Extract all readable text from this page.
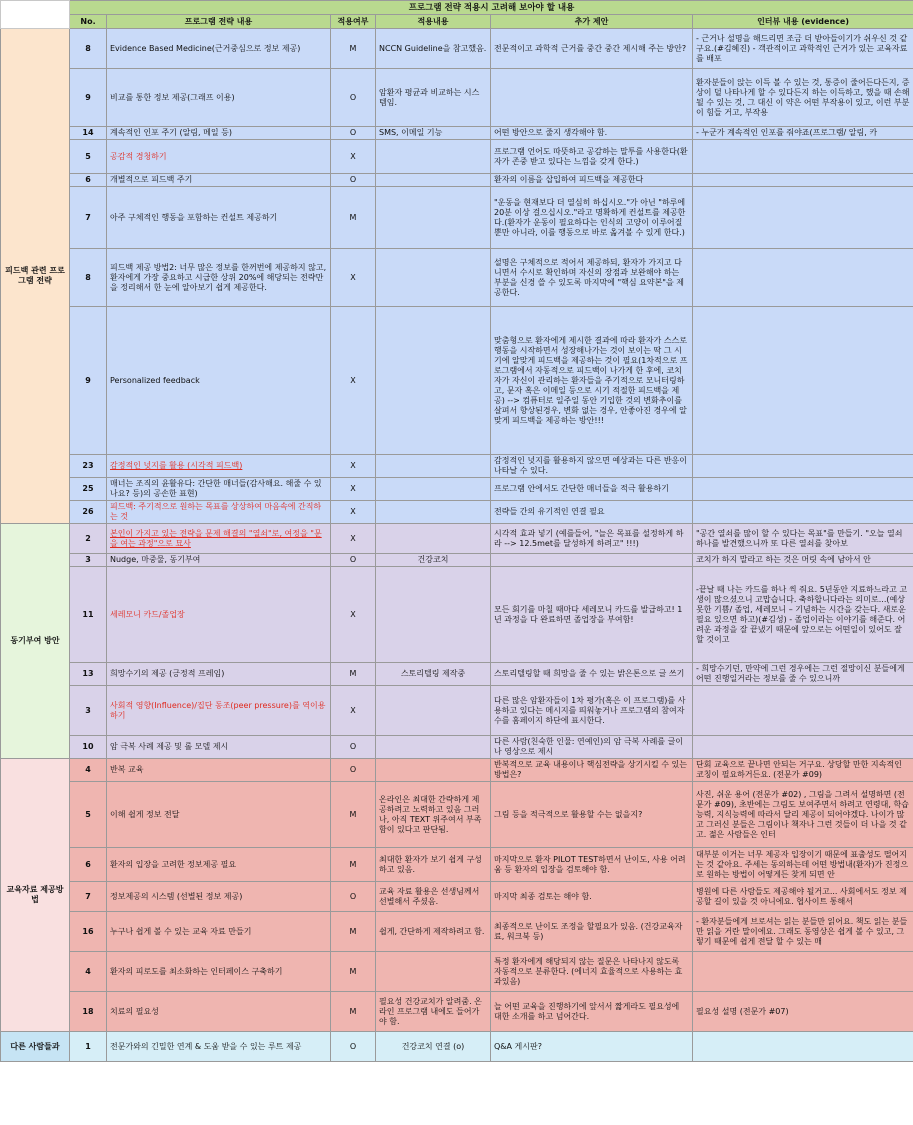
	프로그램 전략 적용시 고려해 보아야 할 내용					
	No.	프로그램 전략 내용	적용여부	적용내용	추가 제안	인터뷰 내용 (evidence)
피드백 관련 프로그램 전략	8	Evidence Based Medicine(근거중심으로 정보 제공)	M	NCCN Guideline을 참고했음.	전문적이고 과학적 근거를 중간 중간 제시해 주는 방안?	- 근거나 설명을 해드리면 조금 더 받아들이기가 쉬우신 것 같구요.(#김혜진) - 객관적이고 과학적인 근거가 있는 교육자료를 배포
	9	비교를 통한 정보 제공(그래프 이용)	O	암환자 평균과 비교하는 시스템임.		환자분들이 앉는 이득 볼 수 있는 것, 통증이 줄어든다든지, 증상이 덜 나타나게 할 수 있다든지 하는 이득하고, 했을 때 손해될 수 있는 것, 그 대신 이 약은 어떤 부작용이 있고, 이런 부분이 힘들 거고, 부작용
	14	계속적인 인포 주기 (알림, 메일 등)	O	SMS, 이메일 기능	어떤 방안으로 줄지 생각해야 함.	- 누군가 계속적인 인포를 줘야죠(프로그램/ 알림, 카
	5	공감적 경청하기	X		프로그램 언어도 따뜻하고 공감하는 말투를 사용한다(환자가 존중 받고 있다는 느낌을 갖게 한다.)	
	6	개별적으로 피드백 주기	O		환자의 이름을 삽입하여 피드백을 제공한다	
	7	아주 구체적인 행동을 포함하는 컨설트 제공하기	M		"운동을 현재보다 더 열심히 하십시오."가 아닌 "하루에 20분 이상 걸으십시오."라고 명확하게 컨설트를 제공한다.(환자가 운동이 필요하다는 인식의 고양이 이루어질 뿐만 아니라, 이를 행동으로 바로 옮겨볼 수 있게 한다.)	
	8	피드백 제공 방법2: 너무 많은 정보를 한꺼번에 제공하지 않고, 환자에게 가장 중요하고 시급한 상위 20%에 해당되는 전략만을 정리해서 한 눈에 알아보기 쉽게 제공한다.	X		설명은 구체적으로 적어서 제공하되, 환자가 가지고 다니면서 수시로 확인하며 자신의 장점과 보완해야 하는 부분을 신경 쓸 수 있도록 마지막에 "핵심 요약본"을 제공한다.	
	9	Personalized feedback	X		맞춤형으로 환자에게 제시한 결과에 따라 환자가 스스로 행동을 시작하면서 성장해나가는 것이 보이는 딱 그 시기에 알맞게 피드백을 제공하는 것이 필요(1차적으로 프로그램에서 자동적으로 피드백이 나가게 한 후에, 코치자가 자신이 관리하는 환자들을 주기적으로 모니터링하고, 문자 혹은 이메일 등으로 시기 적절한 피드백을 제공) --> 컴퓨터로 일주일 동안 기입한 것의 변화추이를 살펴서 향상된경우, 변화 없는 경우, 안좋아진 경우에 알맞게 피드백을 제공하는 방안!!!	
	23	감정적인 넛지를 활용 (시각적 피드백)	X		감정적인 넛지를 활용하지 않으면 예상과는 다른 반응이 나타날 수 있다.	
	25	매너는 조직의 윤활유다: 간단한 매너들(감사해요. 해줄 수 있나요? 등)의 공손한 표현)	X		프로그램 안에서도 간단한 매너들을 적극 활용하기	
	26	피드백: 주기적으로 원하는 목표를 상상하여 마음속에 간직하는 것	X		전략들 간의 유기적인 연결 필요	
동기부여 방안	2	본인이 가지고 있는 전략을 문제 해결의 "열쇠"로, 여정을 "문을 여는 과정"으로 묘사	X		시각적 효과 넣기 (예를들어, "늘은 목표를 설정하게 하라 --> 12.5met를 달성하게 하려고" !!!)	"공간 열쇠를 많이 할 수 있다는 목표"를 만들기. "오늘 열쇠 하나를 발견했으니까 또 다른 열쇠를 찾아보
	3	Nudge, 마중물, 동기부여	O	건강코치		코치가 하지 말라고 하는 것은 머릿 속에 남아서 안
	11	세레모니 카드/졸업장	X		모든 회기를 마칠 때마다 세레모니 카드를 발급하고! 1년 과정을 다 완료하면 졸업장을 부여함!	-끝날 때 나는 카드를 하나 씩 줘요. 5년동안 지료하느라고 고생이 많으셨으니 고맙습니다. 축하합니다라는 의미로...(예상못한 기쁨/ 졸업, 세레모니 – 기념하는 시간을 갖는다. 새로운 필요 있으면 하고)(#김성) - 졸업이라는 이야기를 해준다. 어려운 과정을 잘 끝냈기 때문에 앞으로는 어떤일이 있어도 잘 할 것이고
	13	희망수기의 제공 (긍정적 프레임)	M	스토리텔링 제작중	스토리텔링할 때 희망을 줄 수 있는 밝은톤으로 글 쓰기	- 희망수기던, 만약에 그런 경우에는 그런 절망이신 분들에게 어떤 진행일거라는 정보를 줄 수 있으니까
	3	사회적 영향(Influence)/집단 동조(peer pressure)를 역이용하기	X		다른 많은 암환자들이 1차 평가(혹은 이 프로그램)를 사용하고 있다는 메시지를 띄워놓거나 프로그램의 참여자 수를 홈페이지 하단에 표시한다.	
	10	암 극복 사례 제공 및 롤 모델 제시	O		다른 사람(친숙한 인물: 연예인)의 암 극복 사례를 글이나 영상으로 제시	
교육자료 제공방법	4	반복 교육	O		반복적으로 교육 내용이나 핵심전략을 상기시킬 수 있는 방법은?	단회 교육으로 끝나면 안되는 거구요. 상당할 만한 지속적인 코칭이 필요하거든요. (전문가 #09)
	5	이해 쉽게 정보 전달	M	온라인은 최대한 간략하게 제공하려고 노력하고 있음 그러나, 아직 TEXT 위주여서 부족함이 있다고 판단됨.	그림 등을 적극적으로 활용할 수는 없을지?	사진, 쉬운 용어 (전문가 #02) , 그림을 그려서 설명하면 (전문가 #09), 초반에는 그림도 보여주면서 하려고 연령대, 학습능력, 지식능력에 따라서 달리 제공이 되어야겠다. 나이가 많고 그러신 분들은 그림이나 책자나 그런 것들이 더 나을 것 같고. 젊은 사람들은 인터
	6	환자의 입장을 고려한 정보제공 필요	M	최대한 환자가 보기 쉽게 구성하고 있음.	마지막으로 환자 PILOT TEST하면서 난이도, 사용 어려움 등 환자의 입장을 검토해야 함.	대부분 이거는 너무 제공자 입장이기 때문에 표출성도 떨어지는 것 같아요. 주세는 동의하는데 어떤 방법내(환자)가 진정으로 원하는 방법이 어떻게든 찾게 되면 안
	7	정보제공의 시스템 (선별된 정보 제공)	O	교육 자료 활용은 선생님께서 선별해서 주셨음.	마지막 최종 검토는 해야 함.	병원에 다른 사람들도 제공해야 될거고... 사회에서도 정보 제공할 길이 있을 것 아니에요. 협사이트 통해서
	16	누구나 쉽게 볼 수 있는 교육 자료 만들기	M	쉽게, 간단하게 제작하려고 함.	최종적으로 난이도 조정을 할필요가 있음. (건강교육자료, 워크북 등)	- 환자분들에게 브로셔는 읽는 분들만 읽어요. 책도 읽는 분들만 읽을 거란 말이에요. 그래도 동영상은 쉽게 볼 수 있고, 그렇기 때문에 쉽게 전달 할 수 있는 매
	4	환자의 피로도를 최소화하는 인터페이스 구축하기	M		특정 환자에게 해당되지 않는 질문은 나타나지 않도록 자동적으로 분류한다. (에너지 효율적으로 사용하는 효과있음)	
	18	치료의 필요성	M	필요성 건강교치가 알려줌. 온라인 프로그램 내에도 들어가야 함.	늘 어떤 교육을 진행하기에 앞서서 짧게라도 필요성에 대한 소개를 하고 넘어간다.	필요성 설명 (전문가 #07)
다른 사람들과	1	전문가와의 긴밀한 연계 & 도움 받을 수 있는 루트 제공	O	건강코치 연결 (o)	Q&A 게시판?	
